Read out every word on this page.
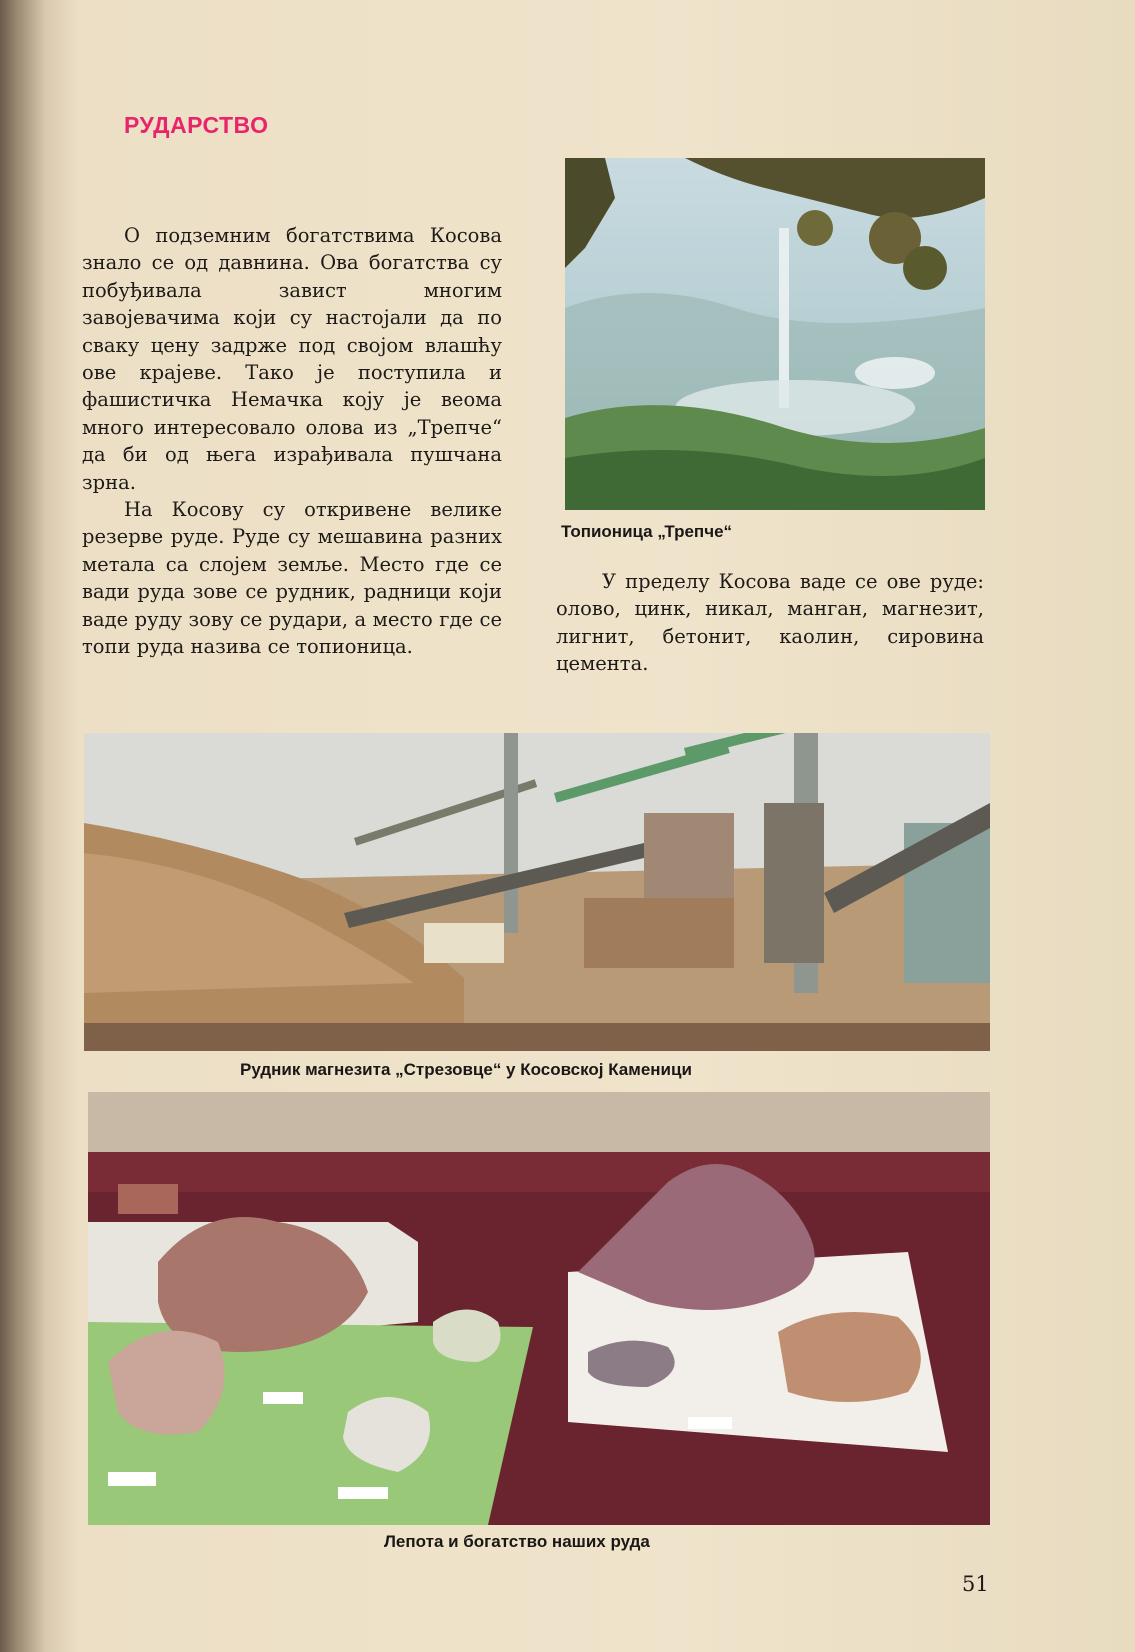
РУДАРСТВО

О подземним богатствима Косова знало се од давнина. Ова богатства су побуђивала завист многим завојевачима који су настојали да по сваку цену задрже под својом влашћу ове крајеве. Тако је поступила и фашистичка Немачка коју је веома много интересовало олова из „Трепче“ да би од њега израђивала пушчана зрна.

На Косову су откривене велике резерве руде. Руде су мешавина разних метала са слојем земље. Место где се вади руда зове се рудник, радници који ваде руду зову се рудари, а место где се топи руда назива се топионица.

Топионица „Трепче“

У пределу Косова ваде се ове руде: олово, цинк, никал, манган, магнезит, лигнит, бетонит, каолин, сировина цемента.

Рудник магнезита „Стрезовце“ у Косовској Каменици
Лепота и богатство наших руда
51
